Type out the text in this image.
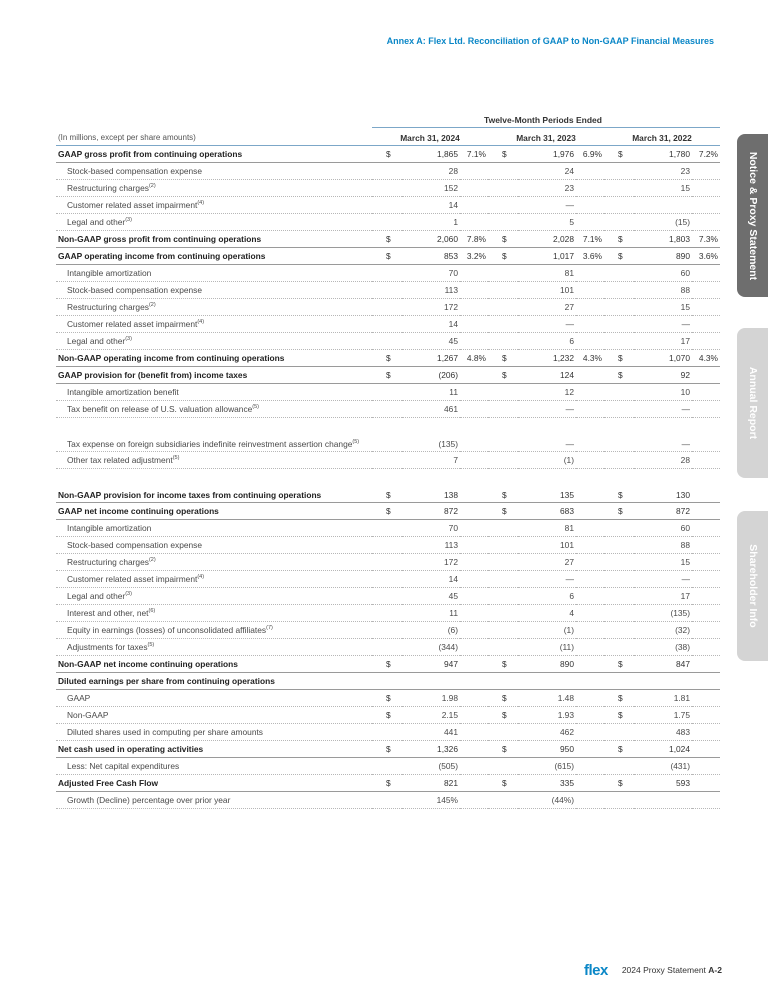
Annex A: Flex Ltd. Reconciliation of GAAP to Non-GAAP Financial Measures
Notice & Proxy Statement
Annual Report
Shareholder Info
Twelve-Month Periods Ended
(In millions, except per share amounts)	March 31, 2024			March 31, 2023			March 31, 2022		
GAAP gross profit from continuing operations	$	1,865	7.1%	$	1,976	6.9%	$	1,780	7.2%
Stock-based compensation expense		28			24			23	
Restructuring charges$^{(2)}$		152			23			15	
Customer related asset impairment$^{(4)}$		14			—				
Legal and other$^{(3)}$		1			5			(15)	
Non-GAAP gross profit from continuing operations	$	2,060	7.8%	$	2,028	7.1%	$	1,803	7.3%
GAAP operating income from continuing operations	$	853	3.2%	$	1,017	3.6%	$	890	3.6%
Intangible amortization		70			81			60	
Stock-based compensation expense		113			101			88	
Restructuring charges$^{(2)}$		172			27			15	
Customer related asset impairment$^{(4)}$		14			—			—	
Legal and other$^{(3)}$		45			6			17	
Non-GAAP operating income from continuing operations	$	1,267	4.8%	$	1,232	4.3%	$	1,070	4.3%
GAAP provision for (benefit from) income taxes	$	(206)		$	124		$	92	
Intangible amortization benefit		11			12			10	
Tax benefit on release of U.S. valuation allowance$^{(5)}$		461			—			—	
Tax expense on foreign subsidiaries indefinite reinvestment assertion change$^{(5)}$		(135)			—			—	
Other tax related adjustment$^{(5)}$		7			(1)			28	
Non-GAAP provision for income taxes from continuing operations	$	138		$	135		$	130	
GAAP net income continuing operations	$	872		$	683		$	872	
Intangible amortization		70			81			60	
Stock-based compensation expense		113			101			88	
Restructuring charges$^{(2)}$		172			27			15	
Customer related asset impairment$^{(4)}$		14			—			—	
Legal and other$^{(3)}$		45			6			17	
Interest and other, net$^{(6)}$		11			4			(135)	
Equity in earnings (losses) of unconsolidated affiliates$^{(7)}$		(6)			(1)			(32)	
Adjustments for taxes$^{(5)}$		(344)			(11)			(38)	
Non-GAAP net income continuing operations	$	947		$	890		$	847	
Diluted earnings per share from continuing operations									
GAAP	$	1.98		$	1.48		$	1.81	
Non-GAAP	$	2.15		$	1.93		$	1.75	
Diluted shares used in computing per share amounts		441			462			483	
Net cash used in operating activities	$	1,326		$	950		$	1,024	
Less: Net capital expenditures		(505)			(615)			(431)	
Adjusted Free Cash Flow	$	821		$	335		$	593	
Growth (Decline) percentage over prior year		145%			(44%)				
flex 2024 Proxy Statement A-2
